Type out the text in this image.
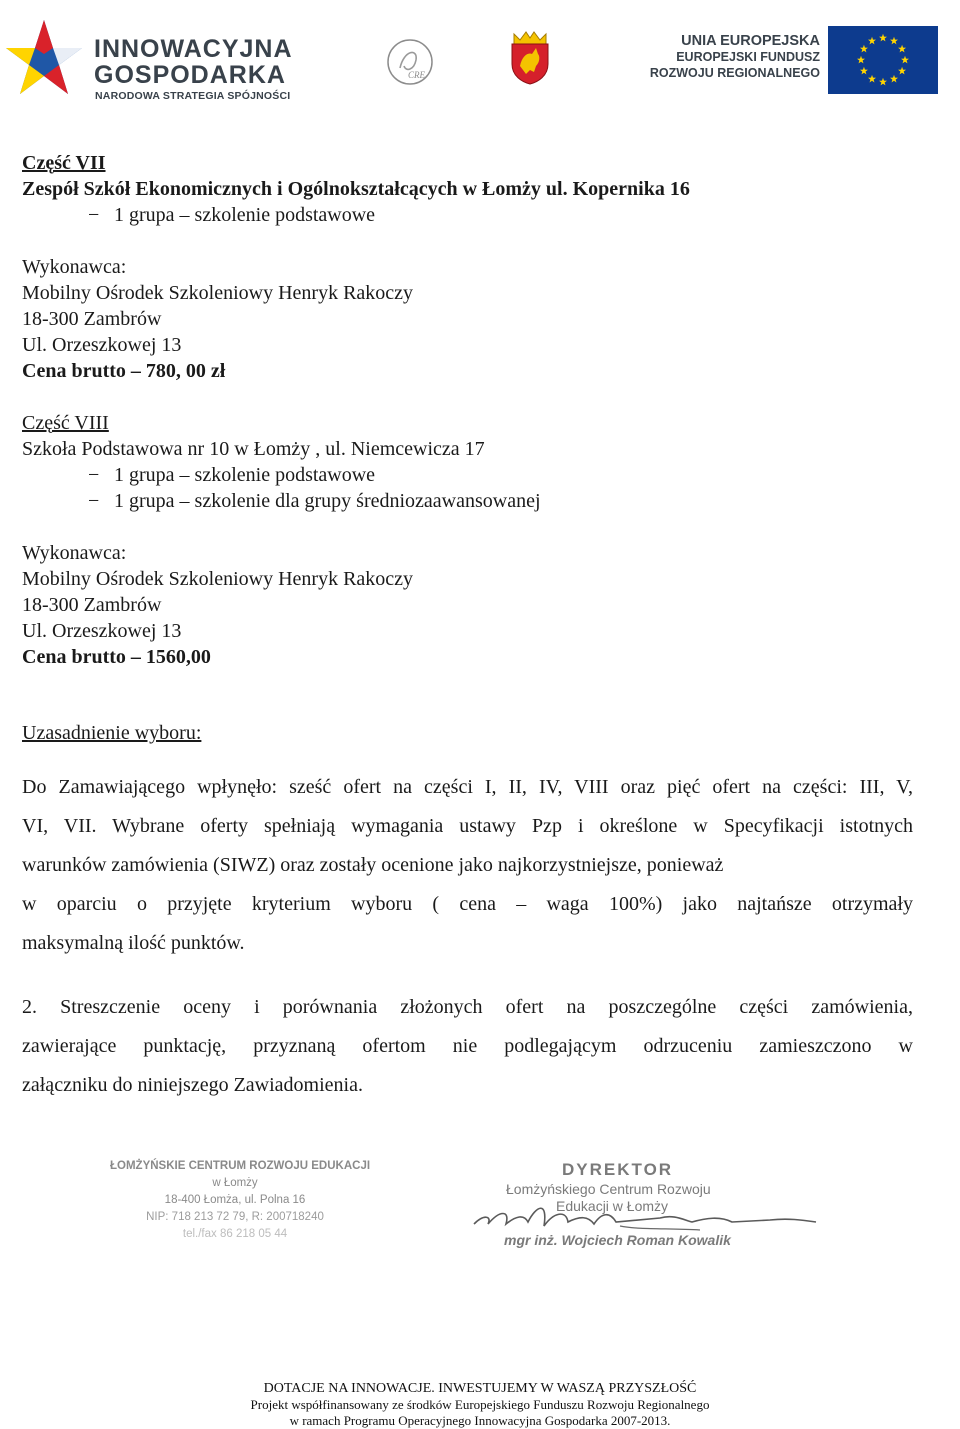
INNOWACYJNA
GOSPODARKA
NARODOWA STRATEGIA SPÓJNOŚCI
CRE
UNIA EUROPEJSKA
EUROPEJSKI FUNDUSZ
ROZWOJU REGIONALNEGO
Część VII
Zespół Szkół Ekonomicznych i Ogólnokształcących w Łomży ul. Kopernika 16
− 1 grupa – szkolenie podstawowe
Wykonawca:
Mobilny Ośrodek Szkoleniowy Henryk Rakoczy
18-300 Zambrów
Ul. Orzeszkowej 13
Cena brutto – 780, 00 zł
Część VIII
Szkoła Podstawowa nr 10 w Łomży , ul. Niemcewicza 17
− 1 grupa – szkolenie podstawowe
− 1 grupa – szkolenie dla grupy średniozaawansowanej
Wykonawca:
Mobilny Ośrodek Szkoleniowy Henryk Rakoczy
18-300 Zambrów
Ul. Orzeszkowej 13
Cena brutto – 1560,00
Uzasadnienie wyboru:
Do Zamawiającego wpłynęło: sześć ofert na części I, II, IV, VIII oraz pięć ofert na części: III, V,
VI, VII. Wybrane oferty spełniają wymagania ustawy Pzp i określone w Specyfikacji istotnych
warunków zamówienia (SIWZ) oraz zostały ocenione jako najkorzystniejsze, ponieważ
w oparciu o przyjęte kryterium wyboru ( cena – waga 100%) jako najtańsze otrzymały
maksymalną ilość punktów.
2. Streszczenie oceny i porównania złożonych ofert na poszczególne części zamówienia,
zawierające punktację, przyznaną ofertom nie podlegającym odrzuceniu zamieszczono w
załączniku do niniejszego Zawiadomienia.
ŁOMŻYŃSKIE CENTRUM ROZWOJU EDUKACJI
w Łomży
18-400 Łomża, ul. Polna 16
NIP: 718 213 72 79, R: 200718240
tel./fax 86 218 05 44
DYREKTOR
Łomżyńskiego Centrum Rozwoju
Edukacji w Łomży
mgr inż. Wojciech Roman Kowalik
DOTACJE NA INNOWACJE. INWESTUJEMY W WASZĄ PRZYSZŁOŚĆ
Projekt współfinansowany ze środków Europejskiego Funduszu Rozwoju Regionalnego
w ramach Programu Operacyjnego Innowacyjna Gospodarka 2007-2013.
